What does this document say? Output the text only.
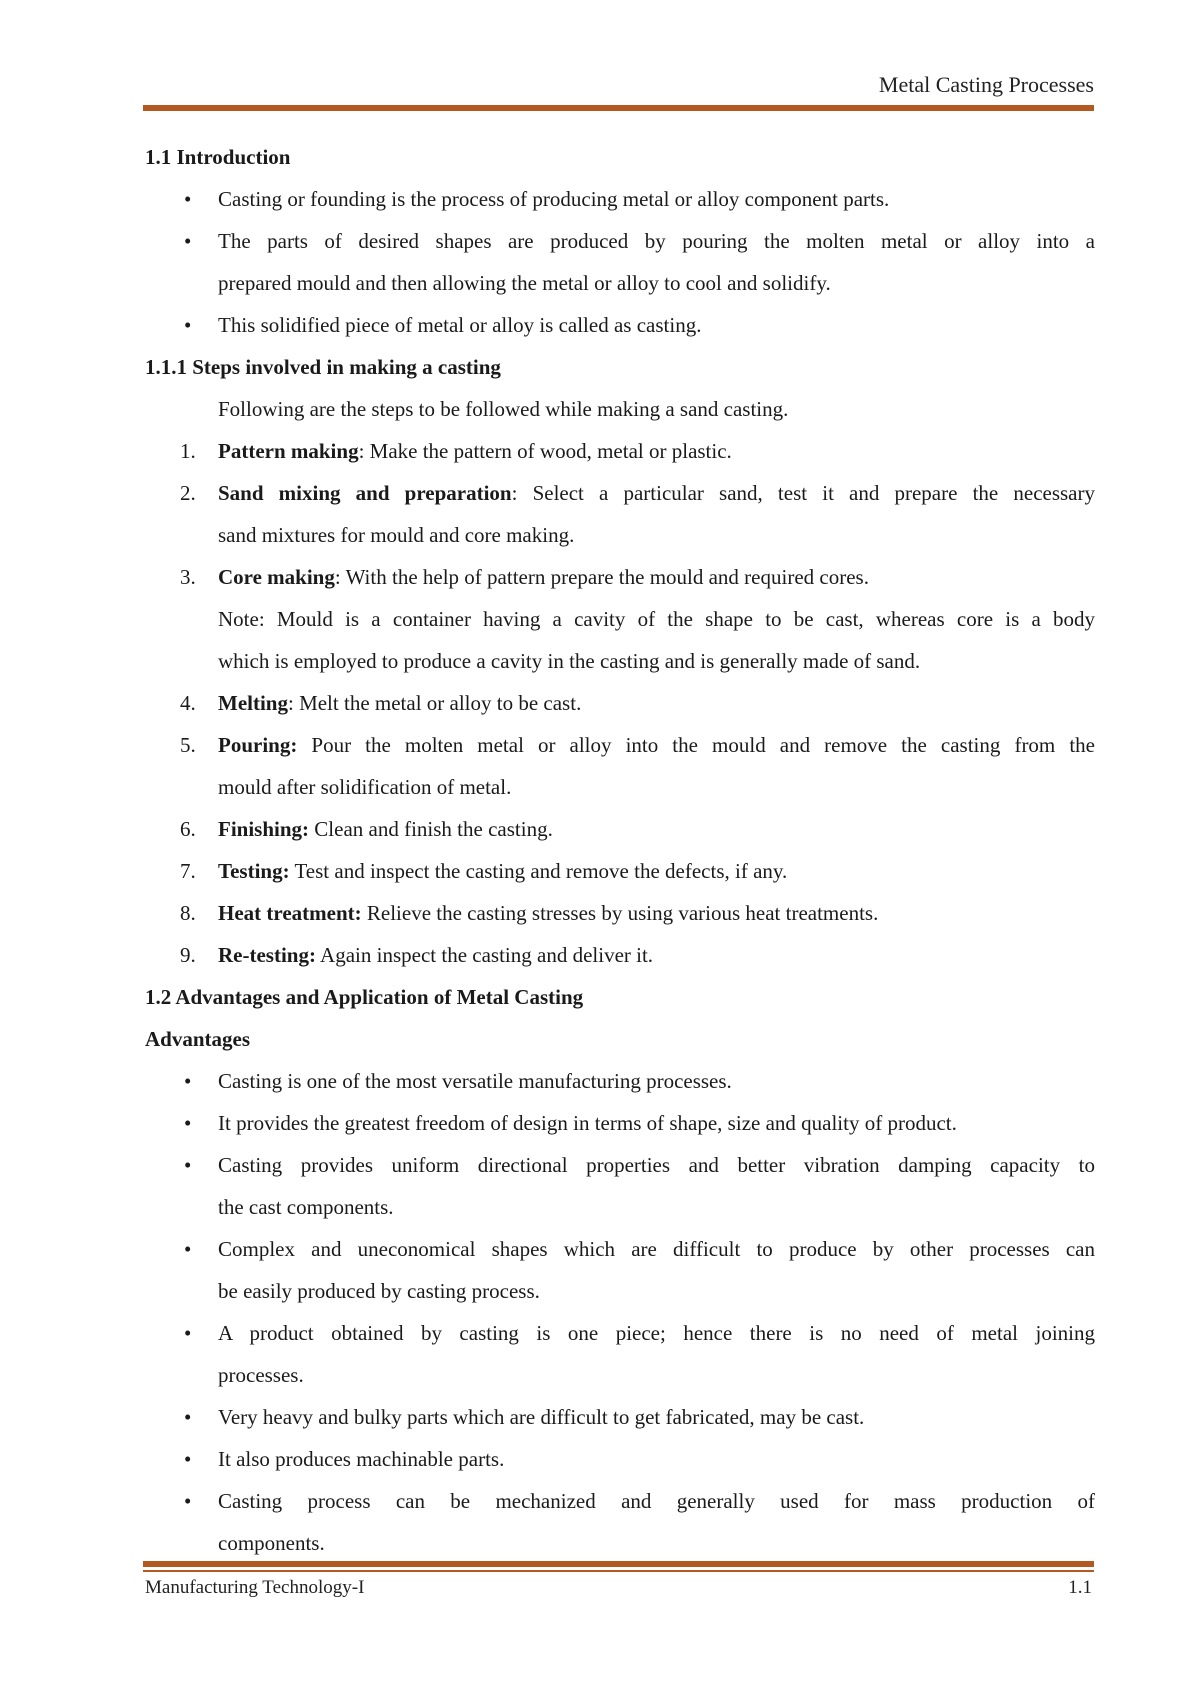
Metal Casting Processes
1.1 Introduction
• Casting or founding is the process of producing metal or alloy component parts.
• The parts of desired shapes are produced by pouring the molten metal or alloy into a
prepared mould and then allowing the metal or alloy to cool and solidify.
• This solidified piece of metal or alloy is called as casting.
1.1.1 Steps involved in making a casting
Following are the steps to be followed while making a sand casting.
1. Pattern making: Make the pattern of wood, metal or plastic.
2. Sand mixing and preparation: Select a particular sand, test it and prepare the necessary
sand mixtures for mould and core making.
3. Core making: With the help of pattern prepare the mould and required cores.
Note: Mould is a container having a cavity of the shape to be cast, whereas core is a body
which is employed to produce a cavity in the casting and is generally made of sand.
4. Melting: Melt the metal or alloy to be cast.
5. Pouring: Pour the molten metal or alloy into the mould and remove the casting from the
mould after solidification of metal.
6. Finishing: Clean and finish the casting.
7. Testing: Test and inspect the casting and remove the defects, if any.
8. Heat treatment: Relieve the casting stresses by using various heat treatments.
9. Re-testing: Again inspect the casting and deliver it.
1.2 Advantages and Application of Metal Casting
Advantages
• Casting is one of the most versatile manufacturing processes.
• It provides the greatest freedom of design in terms of shape, size and quality of product.
• Casting provides uniform directional properties and better vibration damping capacity to
the cast components.
• Complex and uneconomical shapes which are difficult to produce by other processes can
be easily produced by casting process.
• A product obtained by casting is one piece; hence there is no need of metal joining
processes.
• Very heavy and bulky parts which are difficult to get fabricated, may be cast.
• It also produces machinable parts.
• Casting process can be mechanized and generally used for mass production of
components.
Manufacturing Technology-I	1.1
